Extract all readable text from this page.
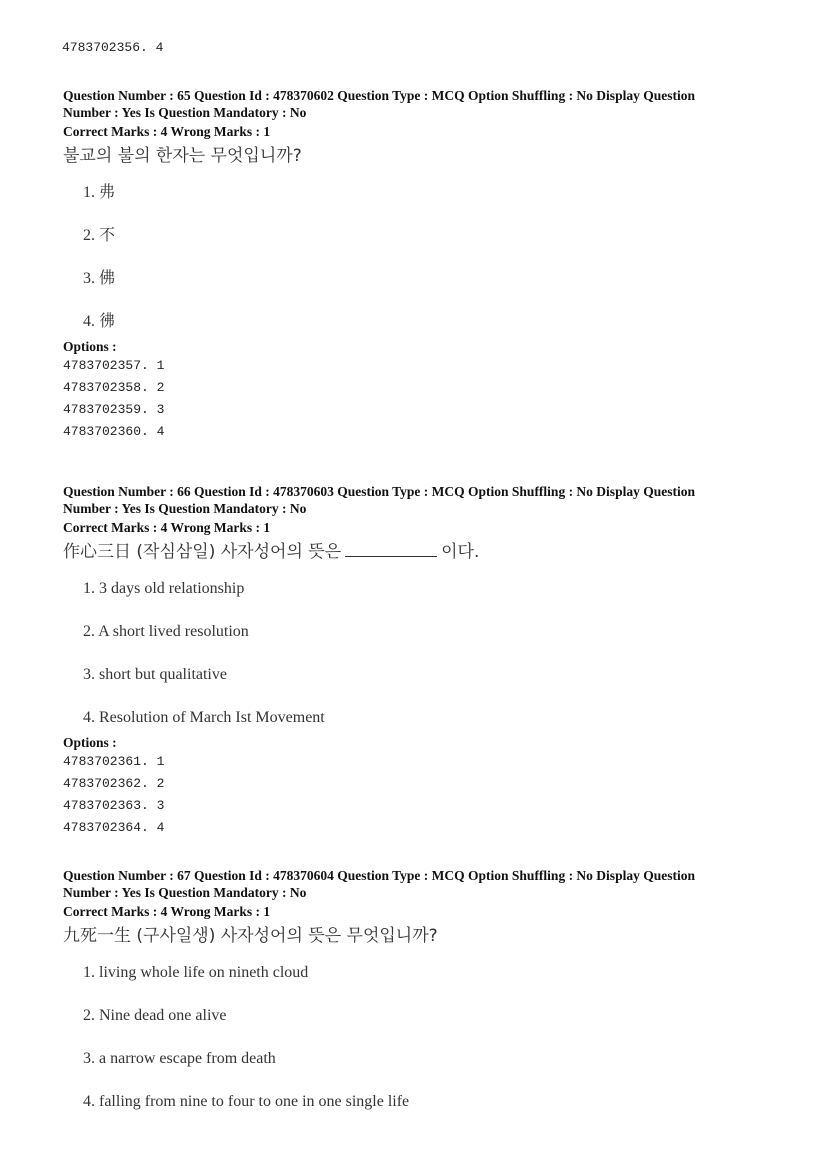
4783702356. 4

Question Number : 65 Question Id : 478370602 Question Type : MCQ Option Shuffling : No Display Question
Number : Yes Is Question Mandatory : No

Correct Marks : 4 Wrong Marks : 1

불교의 불의 한자는 무엇입니까?
1. 弗
2. 不
3. 佛
4. 彿
Options :
4783702357. 1
4783702358. 2
4783702359. 3
4783702360. 4

Question Number : 66 Question Id : 478370603 Question Type : MCQ Option Shuffling : No Display Question
Number : Yes Is Question Mandatory : No

Correct Marks : 4 Wrong Marks : 1

作心三日 (작심삼일) 사자성어의 뜻은	이다.
1. 3 days old relationship
2. A short lived resolution
3. short but qualitative
4. Resolution of March Ist Movement
Options :
4783702361. 1
4783702362. 2
4783702363. 3
4783702364. 4

Question Number : 67 Question Id : 478370604 Question Type : MCQ Option Shuffling : No Display Question
Number : Yes Is Question Mandatory : No

Correct Marks : 4 Wrong Marks : 1

九死一生 (구사일생) 사자성어의 뜻은 무엇입니까?
1. living whole life on nineth cloud
2. Nine dead one alive
3. a narrow escape from death
4. falling from nine to four to one in one single life
